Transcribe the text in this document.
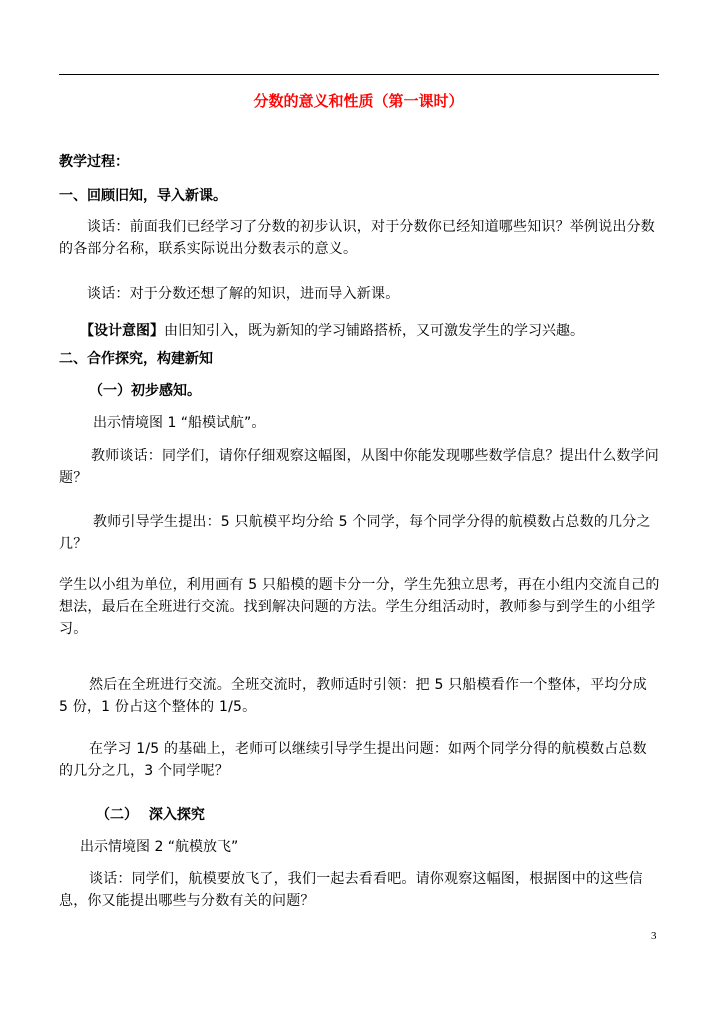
分数的意义和性质（第一课时）
教学过程：
一、回顾旧知，导入新课。

谈话：前面我们已经学习了分数的初步认识，对于分数你已经知道哪些知识？举例说出分数的各部分名称，联系实际说出分数表示的意义。

谈话：对于分数还想了解的知识，进而导入新课。

【设计意图】由旧知引入，既为新知的学习铺路搭桥，又可激发学生的学习兴趣。
二、合作探究，构建新知
（一）初步感知。
出示情境图 1 “船模试航”。

教师谈话：同学们，请你仔细观察这幅图，从图中你能发现哪些数学信息？提出什么数学问题？

教师引导学生提出：5 只航模平均分给 5 个同学，每个同学分得的航模数占总数的几分之几？

学生以小组为单位，利用画有 5 只船模的题卡分一分，学生先独立思考，再在小组内交流自己的想法，最后在全班进行交流。找到解决问题的方法。学生分组活动时，教师参与到学生的小组学习。

然后在全班进行交流。全班交流时，教师适时引领：把 5 只船模看作一个整体，平均分成 5 份，1 份占这个整体的 1/5。

在学习 1/5 的基础上，老师可以继续引导学生提出问题：如两个同学分得的航模数占总数的几分之几，3 个同学呢？

（二） 深入探究
出示情境图 2 “航模放飞”

谈话：同学们，航模要放飞了，我们一起去看看吧。请你观察这幅图，根据图中的这些信息，你又能提出哪些与分数有关的问题？

3
